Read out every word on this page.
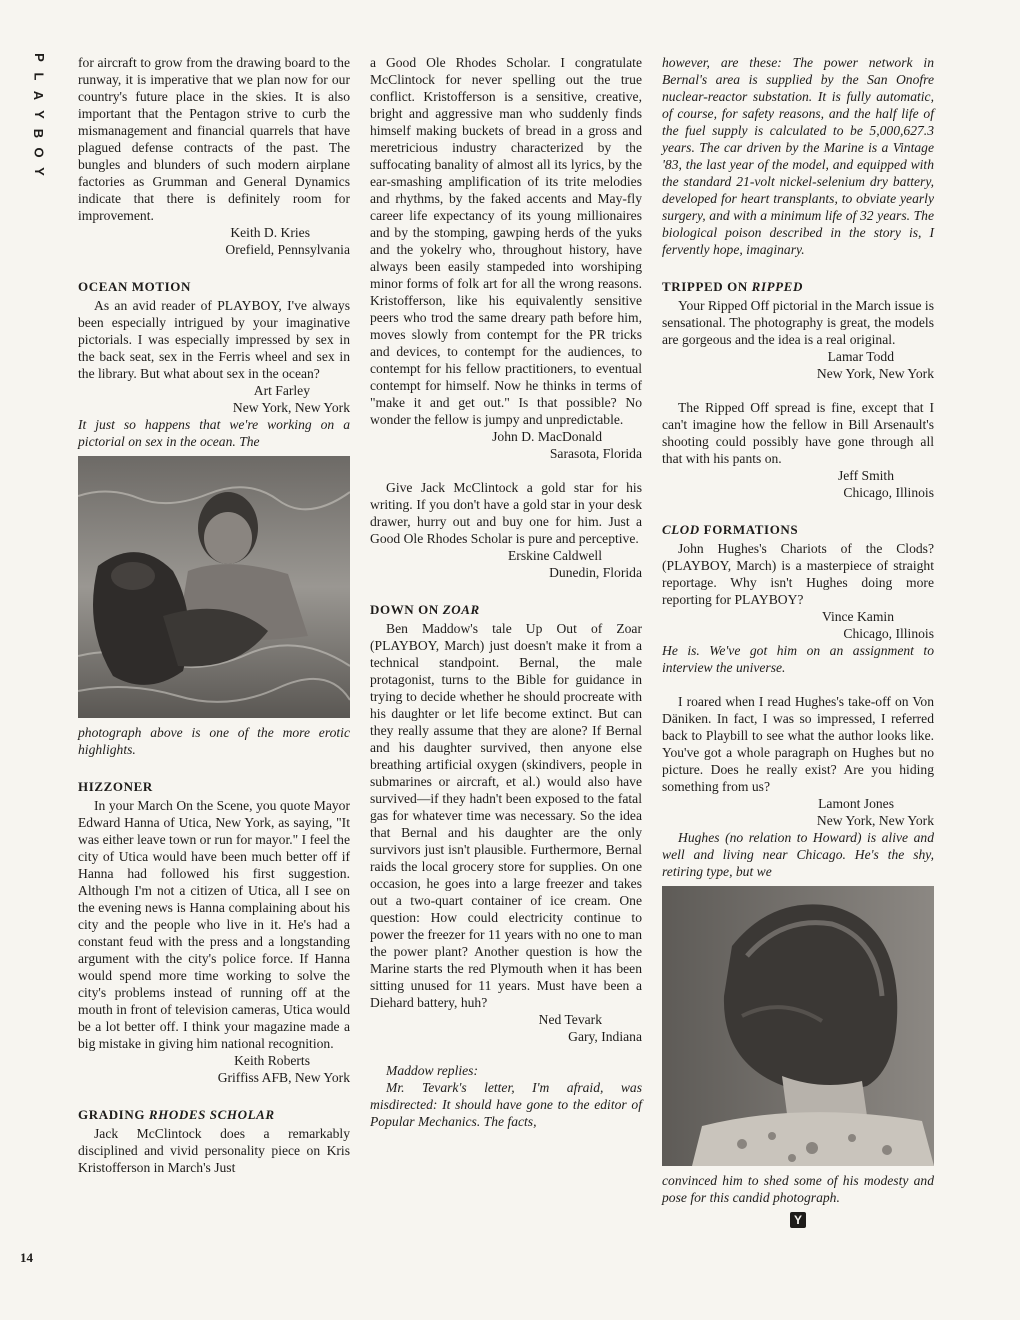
P
L
A
Y
B
O
Y
14

for aircraft to grow from the drawing board to the runway, it is imperative that we plan now for our country's future place in the skies. It is also important that the Pentagon strive to curb the mismanagement and financial quarrels that have plagued defense contracts of the past. The bungles and blunders of such modern airplane factories as Grumman and General Dynamics indicate that there is definitely room for improvement.

Keith D. Kries
Orefield, Pennsylvania
OCEAN MOTION

As an avid reader of PLAYBOY, I've always been especially intrigued by your imaginative pictorials. I was especially impressed by sex in the back seat, sex in the Ferris wheel and sex in the library. But what about sex in the ocean?

Art Farley
New York, New York

It just so happens that we're working on a pictorial on sex in the ocean. The

photograph above is one of the more erotic highlights.

HIZZONER

In your March On the Scene, you quote Mayor Edward Hanna of Utica, New York, as saying, "It was either leave town or run for mayor." I feel the city of Utica would have been much better off if Hanna had followed his first suggestion. Although I'm not a citizen of Utica, all I see on the evening news is Hanna complaining about his city and the people who live in it. He's had a constant feud with the press and a longstanding argument with the city's police force. If Hanna would spend more time working to solve the city's problems instead of running off at the mouth in front of television cameras, Utica would be a lot better off. I think your magazine made a big mistake in giving him national recognition.

Keith Roberts
Griffiss AFB, New York
GRADING RHODES SCHOLAR

Jack McClintock does a remarkably disciplined and vivid personality piece on Kris Kristofferson in March's Just

a Good Ole Rhodes Scholar. I congratulate McClintock for never spelling out the true conflict. Kristofferson is a sensitive, creative, bright and aggressive man who suddenly finds himself making buckets of bread in a gross and meretricious industry characterized by the suffocating banality of almost all its lyrics, by the ear-smashing amplification of its trite melodies and rhythms, by the faked accents and May-fly career life expectancy of its young millionaires and by the stomping, gawping herds of the yuks and the yokelry who, throughout history, have always been easily stampeded into worshiping minor forms of folk art for all the wrong reasons. Kristofferson, like his equivalently sensitive peers who trod the same dreary path before him, moves slowly from contempt for the PR tricks and devices, to contempt for the audiences, to contempt for his fellow practitioners, to eventual contempt for himself. Now he thinks in terms of "make it and get out." Is that possible? No wonder the fellow is jumpy and unpredictable.

John D. MacDonald
Sarasota, Florida

Give Jack McClintock a gold star for his writing. If you don't have a gold star in your desk drawer, hurry out and buy one for him. Just a Good Ole Rhodes Scholar is pure and perceptive.

Erskine Caldwell
Dunedin, Florida
DOWN ON ZOAR

Ben Maddow's tale Up Out of Zoar (PLAYBOY, March) just doesn't make it from a technical standpoint. Bernal, the male protagonist, turns to the Bible for guidance in trying to decide whether he should procreate with his daughter or let life become extinct. But can they really assume that they are alone? If Bernal and his daughter survived, then anyone else breathing artificial oxygen (skindivers, people in submarines or aircraft, et al.) would also have survived—if they hadn't been exposed to the fatal gas for whatever time was necessary. So the idea that Bernal and his daughter are the only survivors just isn't plausible. Furthermore, Bernal raids the local grocery store for supplies. On one occasion, he goes into a large freezer and takes out a two-quart container of ice cream. One question: How could electricity continue to power the freezer for 11 years with no one to man the power plant? Another question is how the Marine starts the red Plymouth when it has been sitting unused for 11 years. Must have been a Diehard battery, huh?

Ned Tevark
Gary, Indiana

Maddow replies:

Mr. Tevark's letter, I'm afraid, was misdirected: It should have gone to the editor of Popular Mechanics. The facts,

however, are these: The power network in Bernal's area is supplied by the San Onofre nuclear-reactor substation. It is fully automatic, of course, for safety reasons, and the half life of the fuel supply is calculated to be 5,000,627.3 years. The car driven by the Marine is a Vintage '83, the last year of the model, and equipped with the standard 21-volt nickel-selenium dry battery, developed for heart transplants, to obviate yearly surgery, and with a minimum life of 32 years. The biological poison described in the story is, I fervently hope, imaginary.

TRIPPED ON RIPPED

Your Ripped Off pictorial in the March issue is sensational. The photography is great, the models are gorgeous and the idea is a real original.

Lamar Todd
New York, New York

The Ripped Off spread is fine, except that I can't imagine how the fellow in Bill Arsenault's shooting could possibly have gone through all that with his pants on.

Jeff Smith
Chicago, Illinois
CLOD FORMATIONS

John Hughes's Chariots of the Clods? (PLAYBOY, March) is a masterpiece of straight reportage. Why isn't Hughes doing more reporting for PLAYBOY?

Vince Kamin
Chicago, Illinois

He is. We've got him on an assignment to interview the universe.

I roared when I read Hughes's take-off on Von Däniken. In fact, I was so impressed, I referred back to Playbill to see what the author looks like. You've got a whole paragraph on Hughes but no picture. Does he really exist? Are you hiding something from us?

Lamont Jones
New York, New York

Hughes (no relation to Howard) is alive and well and living near Chicago. He's the shy, retiring type, but we

convinced him to shed some of his modesty and pose for this candid photograph.

Y
